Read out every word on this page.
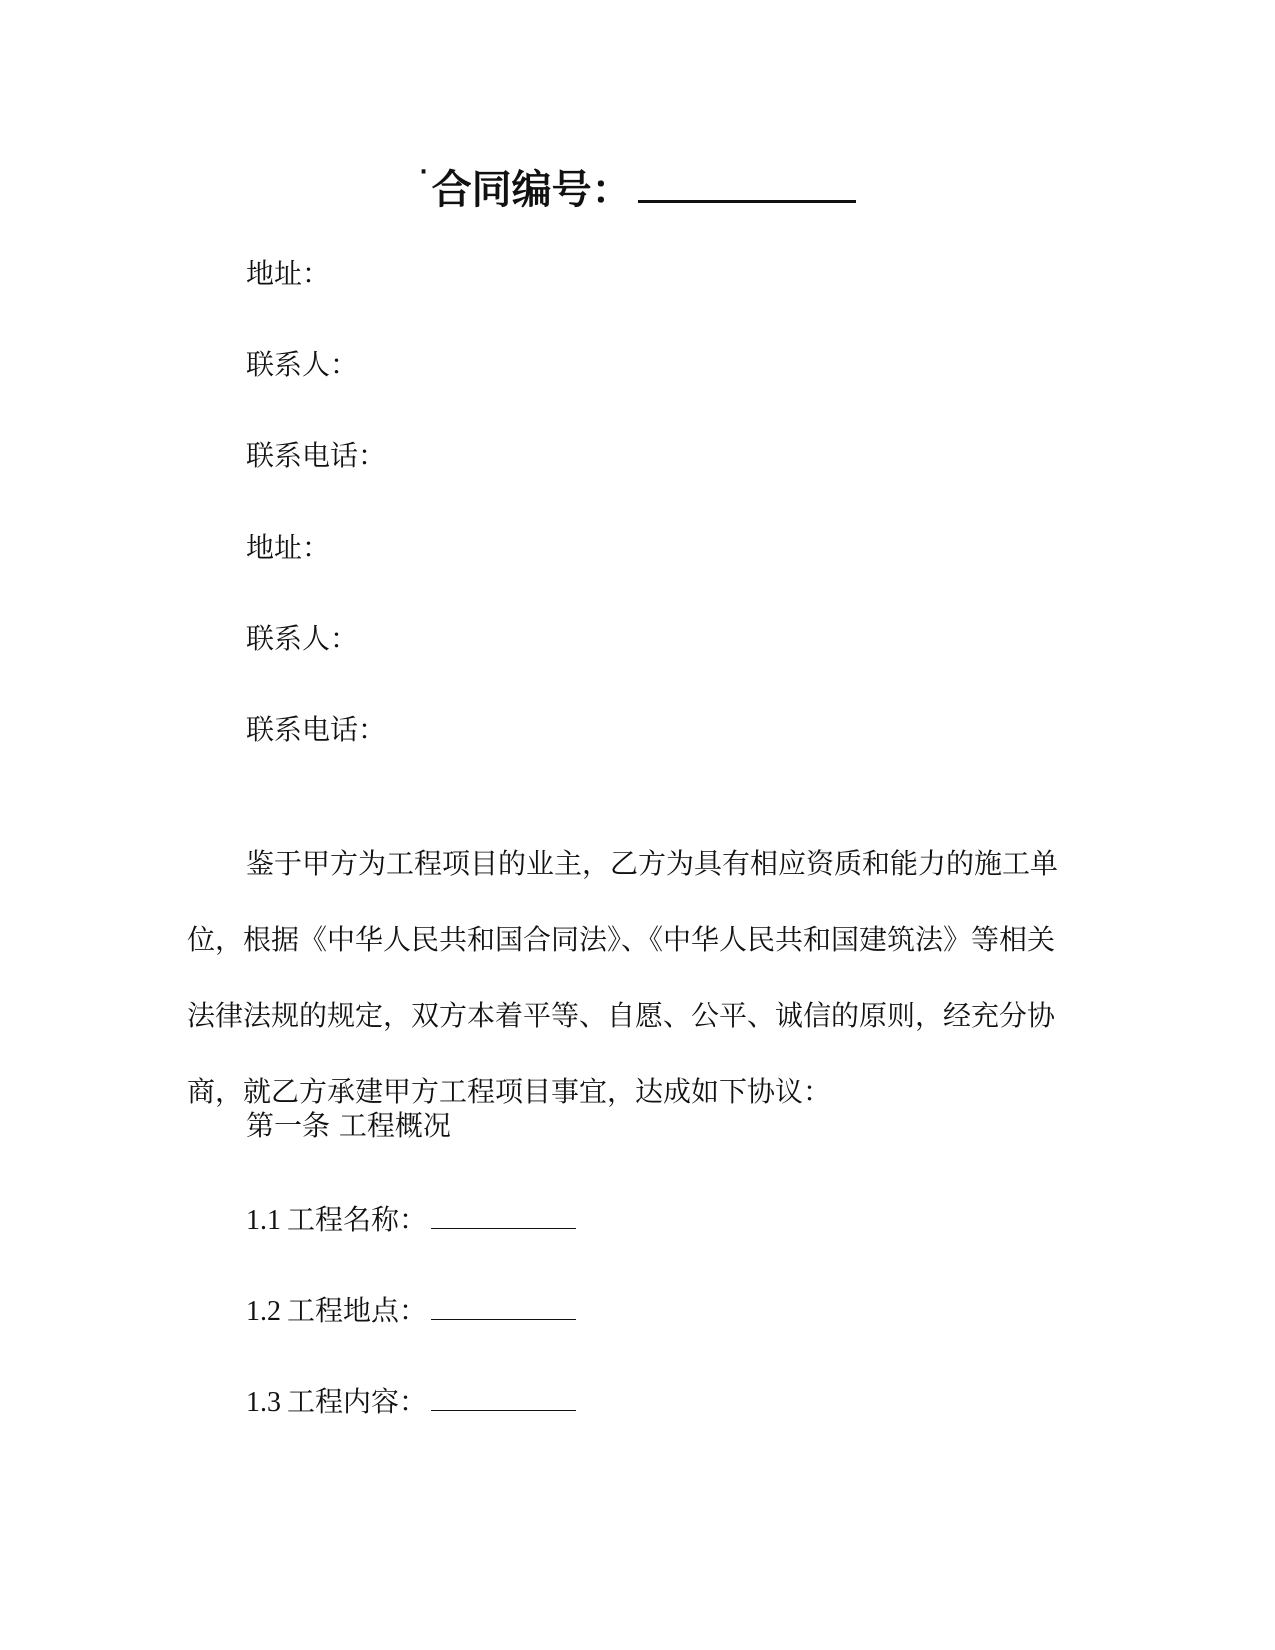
· 合同编号：
地址：
联系人：
联系电话：
地址：
联系人：
联系电话：
鉴于甲方为工程项目的业主，乙方为具有相应资质和能力的施工单位，根据《中华人民共和国合同法》、《中华人民共和国建筑法》等相关法律法规的规定，双方本着平等、自愿、公平、诚信的原则，经充分协商，就乙方承建甲方工程项目事宜，达成如下协议：
第一条 工程概况
1.1 工程名称：
1.2 工程地点：
1.3 工程内容：
